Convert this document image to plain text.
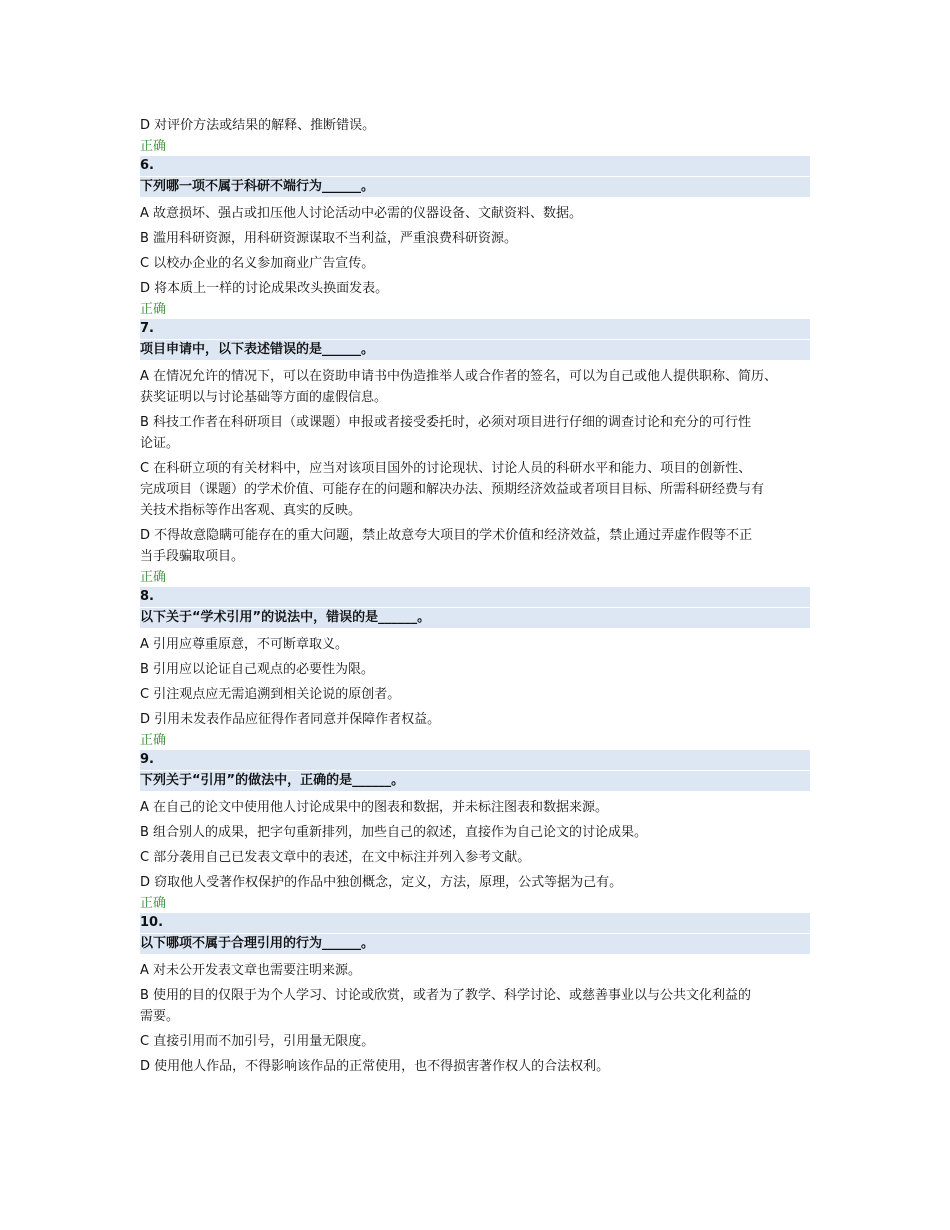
D 对评价方法或结果的解释、推断错误。
正确
6.
下列哪一项不属于科研不端行为______。
A 故意损坏、强占或扣压他人讨论活动中必需的仪器设备、文献资料、数据。
B 滥用科研资源，用科研资源谋取不当利益，严重浪费科研资源。
C 以校办企业的名义参加商业广告宣传。
D 将本质上一样的讨论成果改头换面发表。
正确
7.
项目申请中，以下表述错误的是______。
A 在情况允许的情况下，可以在资助申请书中伪造推举人或合作者的签名，可以为自己或他人提供职称、简历、
获奖证明以与讨论基础等方面的虚假信息。
B 科技工作者在科研项目（或课题）申报或者接受委托时，必须对项目进行仔细的调查讨论和充分的可行性
论证。
C 在科研立项的有关材料中，应当对该项目国外的讨论现状、讨论人员的科研水平和能力、项目的创新性、
完成项目（课题）的学术价值、可能存在的问题和解决办法、预期经济效益或者项目目标、所需科研经费与有
关技术指标等作出客观、真实的反映。
D 不得故意隐瞒可能存在的重大问题，禁止故意夸大项目的学术价值和经济效益，禁止通过弄虚作假等不正
当手段骗取项目。
正确
8.
以下关于“学术引用”的说法中，错误的是______。
A 引用应尊重原意，不可断章取义。
B 引用应以论证自己观点的必要性为限。
C 引注观点应无需追溯到相关论说的原创者。
D 引用未发表作品应征得作者同意并保障作者权益。
正确
9.
下列关于“引用”的做法中，正确的是______。
A 在自己的论文中使用他人讨论成果中的图表和数据，并未标注图表和数据来源。
B 组合别人的成果，把字句重新排列，加些自己的叙述，直接作为自己论文的讨论成果。
C 部分袭用自己已发表文章中的表述，在文中标注并列入参考文献。
D 窃取他人受著作权保护的作品中独创概念，定义，方法，原理，公式等据为己有。
正确
10.
以下哪项不属于合理引用的行为______。
A 对未公开发表文章也需要注明来源。
B 使用的目的仅限于为个人学习、讨论或欣赏，或者为了教学、科学讨论、或慈善事业以与公共文化利益的
需要。
C 直接引用而不加引号，引用量无限度。
D 使用他人作品，不得影响该作品的正常使用，也不得损害著作权人的合法权利。
